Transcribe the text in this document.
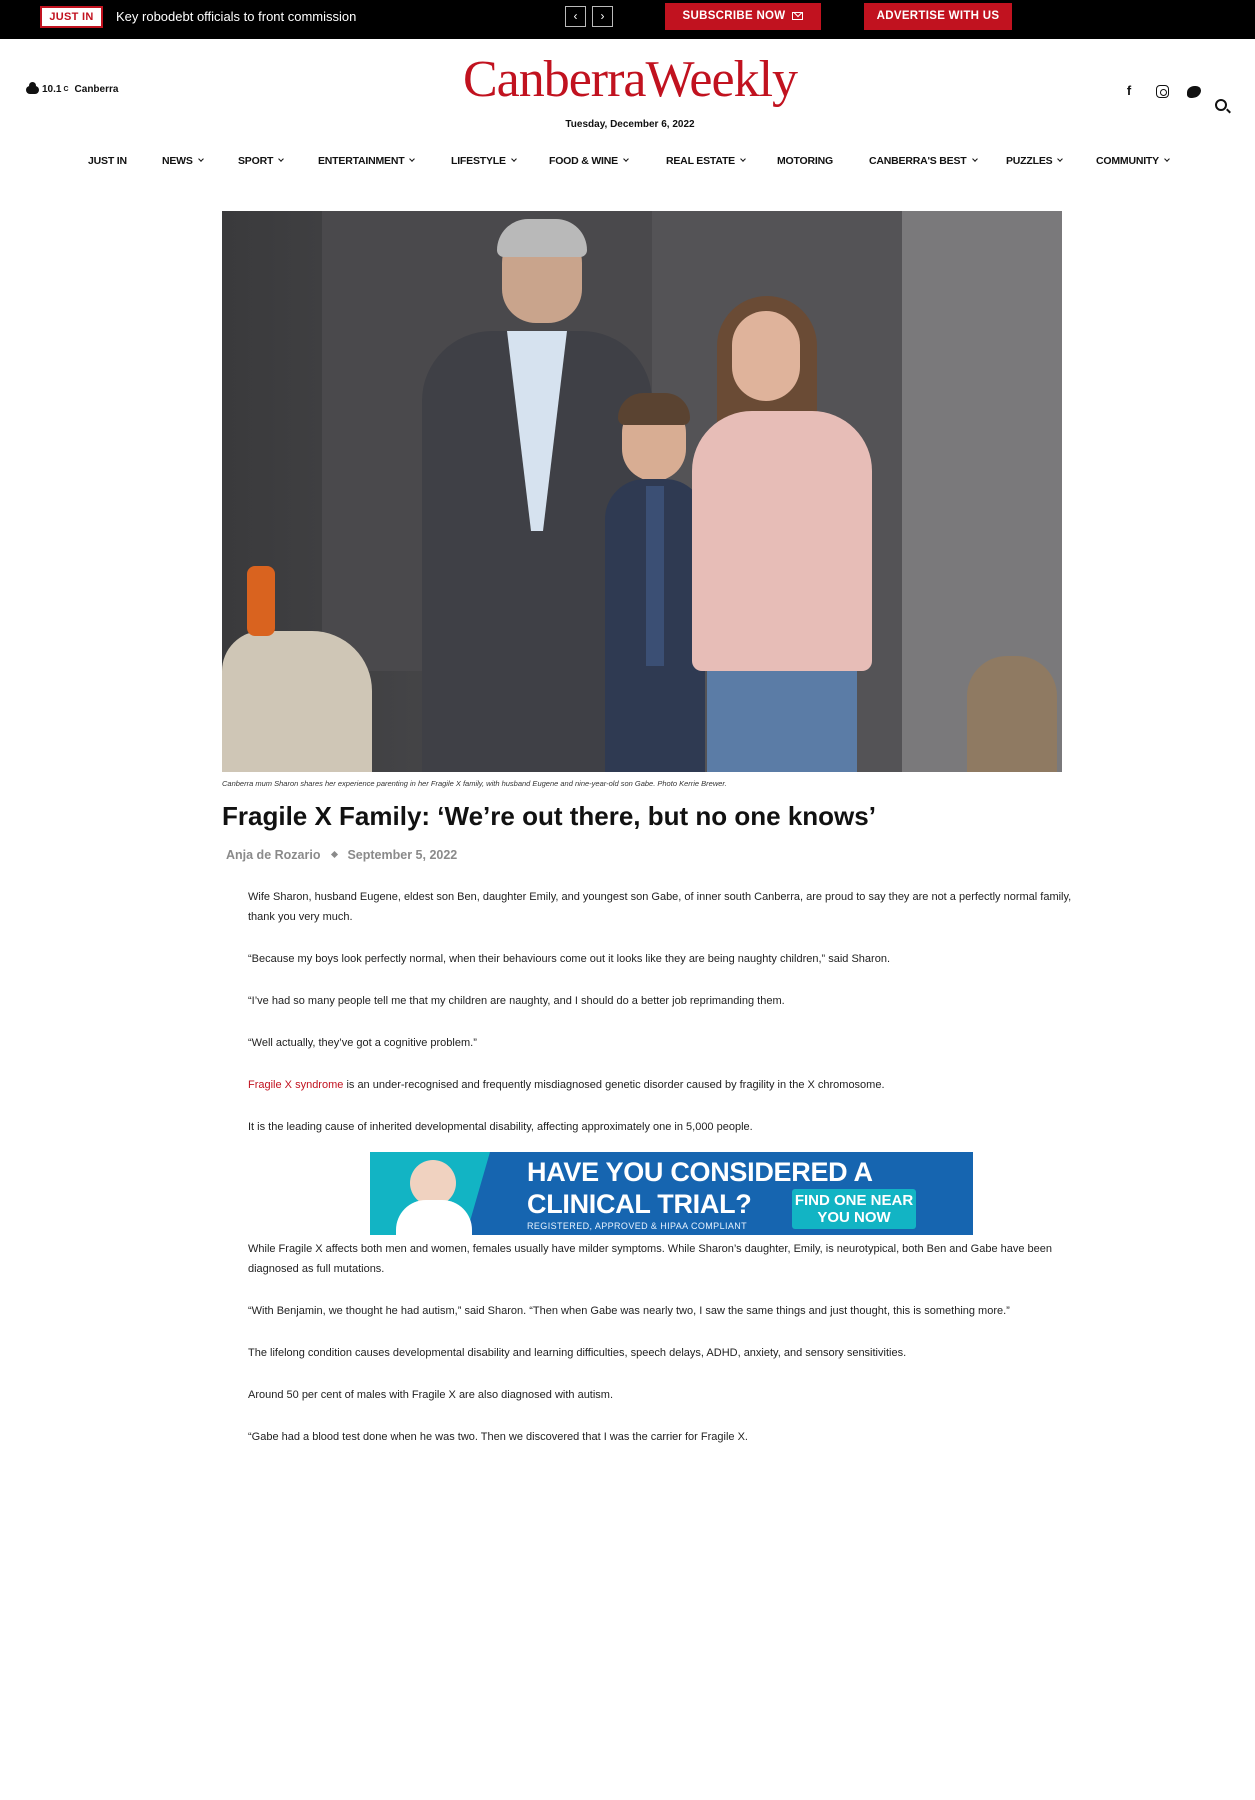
JUST IN	Key robodebt officials to front commission	‹	›	SUBSCRIBE NOW	ADVERTISE WITH US
10.1 C Canberra	CanberraWeekly
Tuesday, December 6, 2022
f
JUST IN	NEWS	SPORT	ENTERTAINMENT	LIFESTYLE	FOOD & WINE	REAL ESTATE	MOTORING	CANBERRA'S BEST	PUZZLES	COMMUNITY
Canberra mum Sharon shares her experience parenting in her Fragile X family, with husband Eugene and nine-year-old son Gabe. Photo Kerrie Brewer.
Fragile X Family: ‘We’re out there, but no one knows’
Anja de Rozario September 5, 2022

Wife Sharon, husband Eugene, eldest son Ben, daughter Emily, and youngest son Gabe, of inner south Canberra, are proud to say they are not a perfectly normal family, thank you very much.

“Because my boys look perfectly normal, when their behaviours come out it looks like they are being naughty children,” said Sharon.

“I’ve had so many people tell me that my children are naughty, and I should do a better job reprimanding them.

“Well actually, they’ve got a cognitive problem.”

Fragile X syndrome is an under-recognised and frequently misdiagnosed genetic disorder caused by fragility in the X chromosome.

It is the leading cause of inherited developmental disability, affecting approximately one in 5,000 people.

HAVE YOU CONSIDERED A
CLINICAL TRIAL?
REGISTERED, APPROVED & HIPAA COMPLIANT
FIND ONE NEAR
YOU NOW

While Fragile X affects both men and women, females usually have milder symptoms. While Sharon’s daughter, Emily, is neurotypical, both Ben and Gabe have been diagnosed as full mutations.

“With Benjamin, we thought he had autism,” said Sharon. “Then when Gabe was nearly two, I saw the same things and just thought, this is something more.”

The lifelong condition causes developmental disability and learning difficulties, speech delays, ADHD, anxiety, and sensory sensitivities.

Around 50 per cent of males with Fragile X are also diagnosed with autism.

“Gabe had a blood test done when he was two. Then we discovered that I was the carrier for Fragile X.
